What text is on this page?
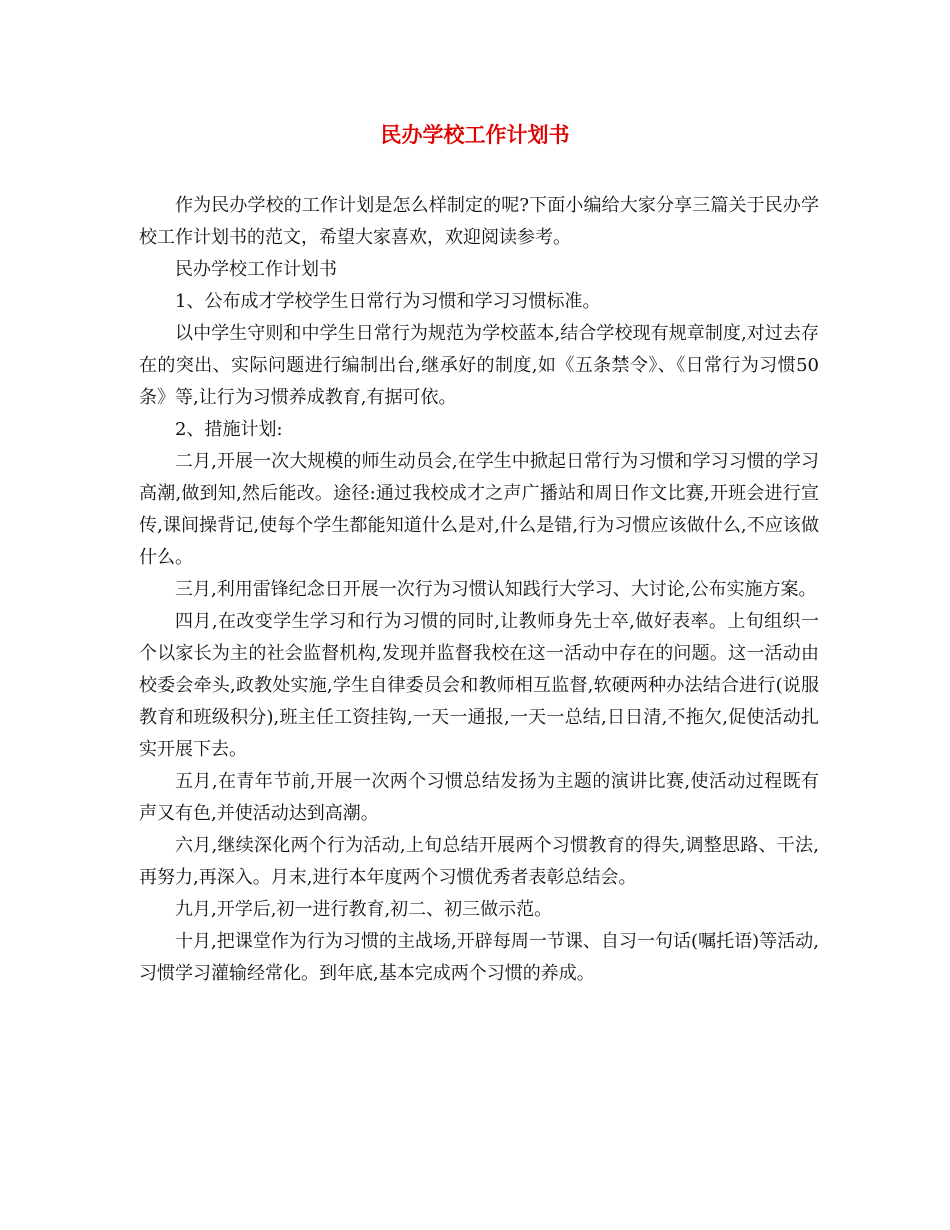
民办学校工作计划书

作为民办学校的工作计划是怎么样制定的呢?下面小编给大家分享三篇关于民办学校工作计划书的范文，希望大家喜欢，欢迎阅读参考。

民办学校工作计划书

1、公布成才学校学生日常行为习惯和学习习惯标准。

以中学生守则和中学生日常行为规范为学校蓝本,结合学校现有规章制度,对过去存在的突出、实际问题进行编制出台,继承好的制度,如《五条禁令》、《日常行为习惯50条》等,让行为习惯养成教育,有据可依。

2、措施计划:

二月,开展一次大规模的师生动员会,在学生中掀起日常行为习惯和学习习惯的学习高潮,做到知,然后能改。途径:通过我校成才之声广播站和周日作文比赛,开班会进行宣传,课间操背记,使每个学生都能知道什么是对,什么是错,行为习惯应该做什么,不应该做什么。

三月,利用雷锋纪念日开展一次行为习惯认知践行大学习、大讨论,公布实施方案。

四月,在改变学生学习和行为习惯的同时,让教师身先士卒,做好表率。上旬组织一个以家长为主的社会监督机构,发现并监督我校在这一活动中存在的问题。这一活动由校委会牵头,政教处实施,学生自律委员会和教师相互监督,软硬两种办法结合进行(说服教育和班级积分),班主任工资挂钩,一天一通报,一天一总结,日日清,不拖欠,促使活动扎实开展下去。

五月,在青年节前,开展一次两个习惯总结发扬为主题的演讲比赛,使活动过程既有声又有色,并使活动达到高潮。

六月,继续深化两个行为活动,上旬总结开展两个习惯教育的得失,调整思路、干法,再努力,再深入。月末,进行本年度两个习惯优秀者表彰总结会。

九月,开学后,初一进行教育,初二、初三做示范。

十月,把课堂作为行为习惯的主战场,开辟每周一节课、自习一句话(嘱托语)等活动,习惯学习灌输经常化。到年底,基本完成两个习惯的养成。
